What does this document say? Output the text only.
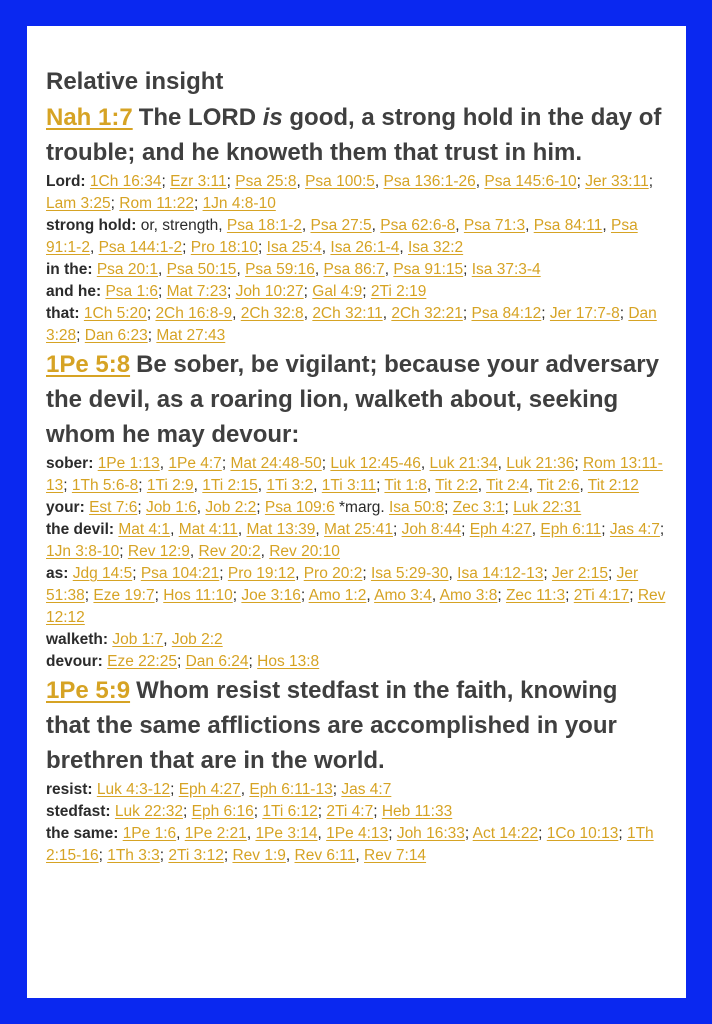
Relative insight
Nah 1:7 The LORD is good, a strong hold in the day of trouble; and he knoweth them that trust in him.
Lord: 1Ch 16:34; Ezr 3:11; Psa 25:8, Psa 100:5, Psa 136:1-26, Psa 145:6-10; Jer 33:11; Lam 3:25; Rom 11:22; 1Jn 4:8-10
strong hold: or, strength, Psa 18:1-2, Psa 27:5, Psa 62:6-8, Psa 71:3, Psa 84:11, Psa 91:1-2, Psa 144:1-2; Pro 18:10; Isa 25:4, Isa 26:1-4, Isa 32:2
in the: Psa 20:1, Psa 50:15, Psa 59:16, Psa 86:7, Psa 91:15; Isa 37:3-4
and he: Psa 1:6; Mat 7:23; Joh 10:27; Gal 4:9; 2Ti 2:19
that: 1Ch 5:20; 2Ch 16:8-9, 2Ch 32:8, 2Ch 32:11, 2Ch 32:21; Psa 84:12; Jer 17:7-8; Dan 3:28; Dan 6:23; Mat 27:43
1Pe 5:8 Be sober, be vigilant; because your adversary the devil, as a roaring lion, walketh about, seeking whom he may devour:
sober: 1Pe 1:13, 1Pe 4:7; Mat 24:48-50; Luk 12:45-46, Luk 21:34, Luk 21:36; Rom 13:11-13; 1Th 5:6-8; 1Ti 2:9, 1Ti 2:15, 1Ti 3:2, 1Ti 3:11; Tit 1:8, Tit 2:2, Tit 2:4, Tit 2:6, Tit 2:12
your: Est 7:6; Job 1:6, Job 2:2; Psa 109:6 *marg. Isa 50:8; Zec 3:1; Luk 22:31
the devil: Mat 4:1, Mat 4:11, Mat 13:39, Mat 25:41; Joh 8:44; Eph 4:27, Eph 6:11; Jas 4:7; 1Jn 3:8-10; Rev 12:9, Rev 20:2, Rev 20:10
as: Jdg 14:5; Psa 104:21; Pro 19:12, Pro 20:2; Isa 5:29-30, Isa 14:12-13; Jer 2:15; Jer 51:38; Eze 19:7; Hos 11:10; Joe 3:16; Amo 1:2, Amo 3:4, Amo 3:8; Zec 11:3; 2Ti 4:17; Rev 12:12
walketh: Job 1:7, Job 2:2
devour: Eze 22:25; Dan 6:24; Hos 13:8
1Pe 5:9 Whom resist stedfast in the faith, knowing that the same afflictions are accomplished in your brethren that are in the world.
resist: Luk 4:3-12; Eph 4:27, Eph 6:11-13; Jas 4:7
stedfast: Luk 22:32; Eph 6:16; 1Ti 6:12; 2Ti 4:7; Heb 11:33
the same: 1Pe 1:6, 1Pe 2:21, 1Pe 3:14, 1Pe 4:13; Joh 16:33; Act 14:22; 1Co 10:13; 1Th 2:15-16; 1Th 3:3; 2Ti 3:12; Rev 1:9, Rev 6:11, Rev 7:14
